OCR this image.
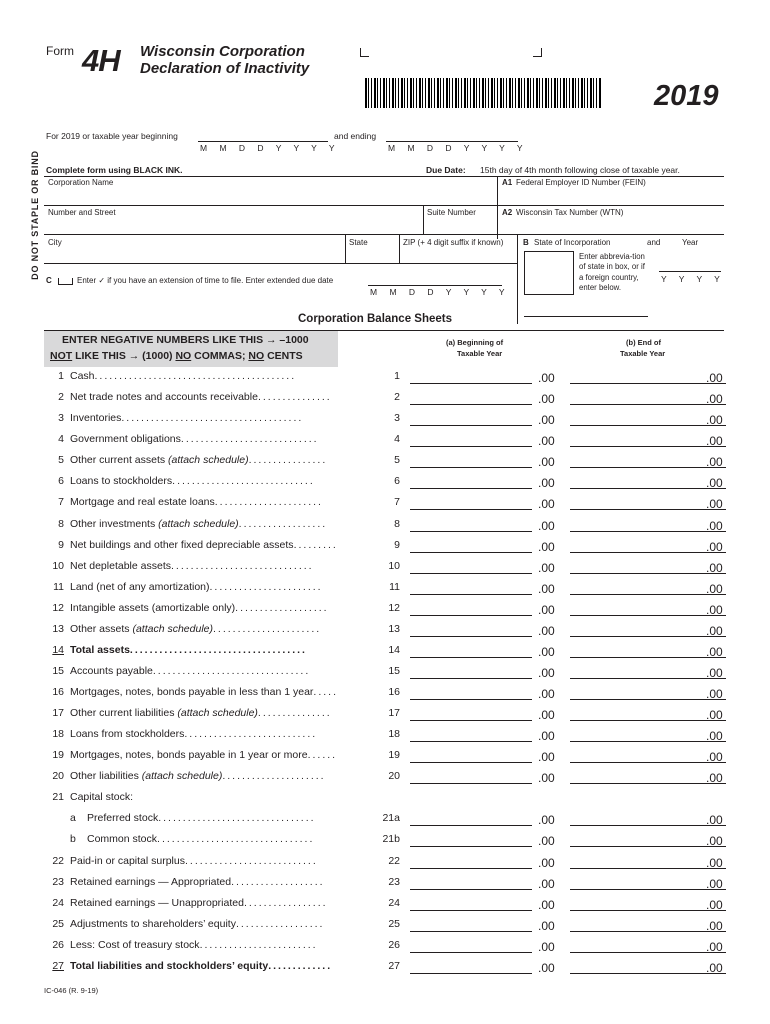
Form 4H Wisconsin Corporation
Declaration of Inactivity
2019
For 2019 or taxable year beginning
M M D D Y Y Y Y
and ending
M M D D Y Y Y Y
DO NOT STAPLE OR BIND Complete form using BLACK INK.	Due Date: 15th day of 4th month following close of taxable year.
Corporation Name	A1 Federal Employer ID Number (FEIN)
Number and Street	Suite Number	A2 Wisconsin Tax Number (WTN)
City	State	ZIP (+ 4 digit suffix if known) B State of Incorporation	and	Year
Enter abbrevia-tion of state in box, or if a foreign country, enter below.
Y Y Y Y
C	Enter ✓ if you have an extension of time to file. Enter extended due date
M M D D Y Y Y Y
Corporation Balance Sheets
ENTER NEGATIVE NUMBERS LIKE THIS → –1000
NOT LIKE THIS → (1000) NO COMMAS; NO CENTS
(a) Beginning of
Taxable Year
(b) End of
Taxable Year
1 Cash.........................................	1	.00	.00
2 Net trade notes and accounts receivable...............	2	.00	.00
3 Inventories.....................................	3	.00	.00
4 Government obligations............................	4	.00	.00
5 Other current assets (attach schedule)................	5	.00	.00
6 Loans to stockholders.............................	6	.00	.00
7 Mortgage and real estate loans......................	7	.00	.00
8 Other investments (attach schedule)..................	8	.00	.00
9 Net buildings and other fixed depreciable assets.........	9	.00	.00
10 Net depletable assets.............................	10	.00	.00
11 Land (net of any amortization).......................	11	.00	.00
12 Intangible assets (amortizable only)...................	12	.00	.00
13 Other assets (attach schedule)......................	13	.00	.00
14 Total assets....................................	14	.00	.00
15 Accounts payable................................	15	.00	.00
16 Mortgages, notes, bonds payable in less than 1 year.....	16	.00	.00
17 Other current liabilities (attach schedule)...............	17	.00	.00
18 Loans from stockholders...........................	18	.00	.00
19 Mortgages, notes, bonds payable in 1 year or more......	19	.00	.00
20 Other liabilities (attach schedule).....................	20	.00	.00
21 Capital stock:
a	Preferred stock................................	21a	.00	.00
b	Common stock................................	21b	.00	.00
22 Paid-in or capital surplus...........................	22	.00	.00
23 Retained earnings — Appropriated...................	23	.00	.00
24 Retained earnings — Unappropriated.................	24	.00	.00
25 Adjustments to shareholders’ equity..................	25	.00	.00
26 Less: Cost of treasury stock........................	26	.00	.00
27 Total liabilities and stockholders’ equity.............	27	.00	.00
IC-046 (R. 9-19)
